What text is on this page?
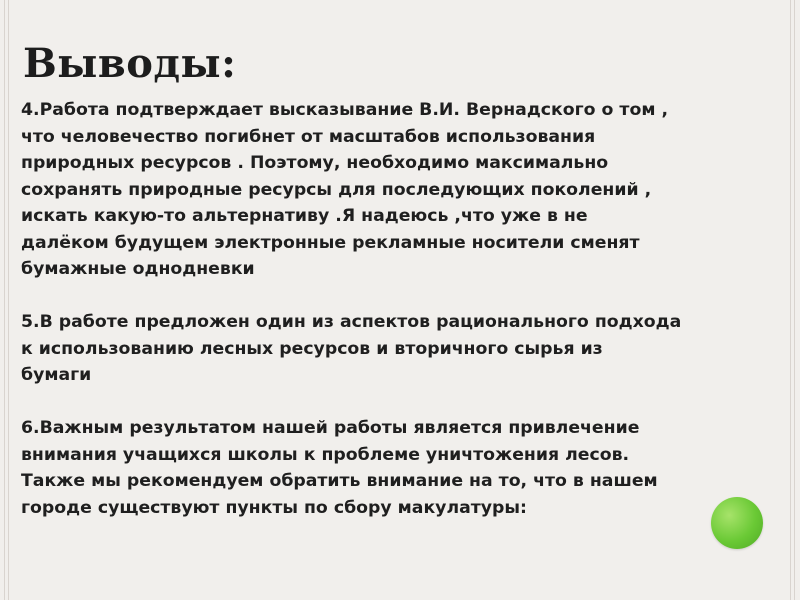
Выводы:
4.Работа подтверждает высказывание В.И. Вернадского о том ,
что человечество погибнет от масштабов использования
природных ресурсов . Поэтому, необходимо максимально
сохранять природные ресурсы для последующих поколений ,
искать какую-то альтернативу .Я надеюсь ,что уже в не
далёком будущем электронные рекламные носители сменят
бумажные однодневки
5.В работе предложен один из аспектов рационального подхода
к использованию лесных ресурсов и вторичного сырья из
бумаги
6.Важным результатом нашей работы является привлечение
внимания учащихся школы к проблеме уничтожения лесов.
Также мы рекомендуем обратить внимание на то, что в нашем
городе существуют пункты по сбору макулатуры:
